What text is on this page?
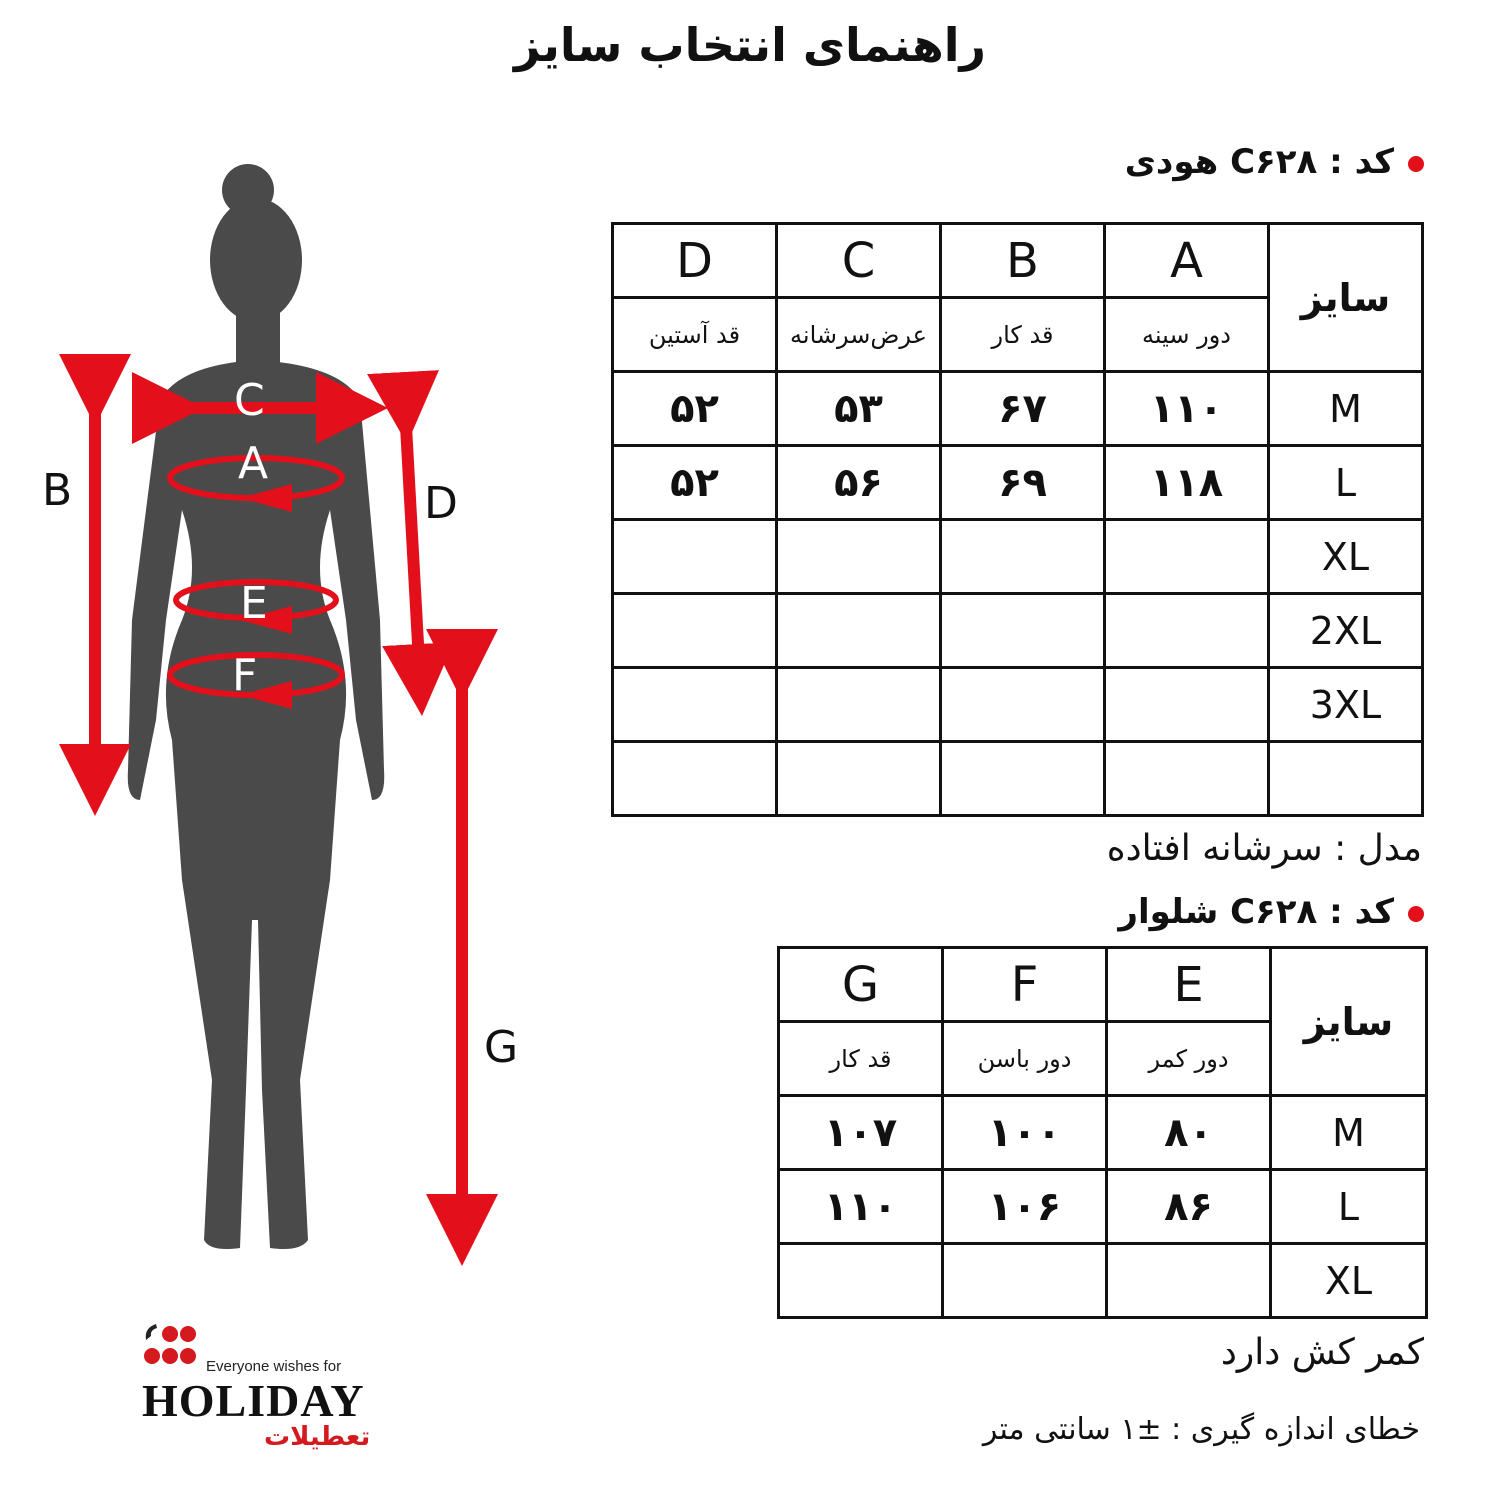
راهنمای انتخاب سایز
B
C
A
D
E
F
G
کد : C۶۲۸ هودی
سایز	A	B	C	D
	دور سینه	قد کار	عرض‌سرشانه	قد آستین
M	۱۱۰	۶۷	۵۳	۵۲
L	۱۱۸	۶۹	۵۶	۵۲
XL				
2XL				
3XL				

مدل : سرشانه افتاده
کد : C۶۲۸ شلوار
سایز	E	F	G
	دور کمر	دور باسن	قد کار
M	۸۰	۱۰۰	۱۰۷
L	۸۶	۱۰۶	۱۱۰
XL			
کمر کش دارد
خطای اندازه گیری : ±۱ سانتی متر
Everyone wishes for
HOLIDAY
تعطیلات
